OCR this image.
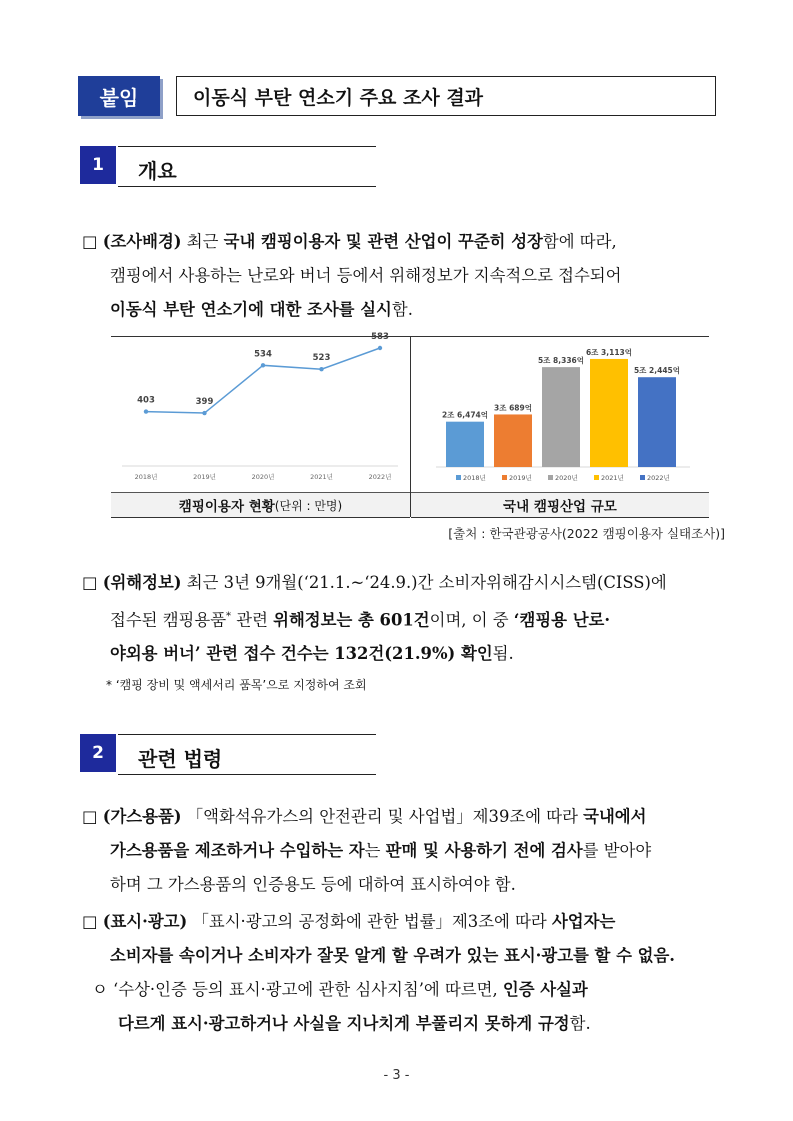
붙임	이동식 부탄 연소기 주요 조사 결과
1	개요
□ (조사배경) 최근 국내 캠핑이용자 및 관련 산업이 꾸준히 성장함에 따라,
캠핑에서 사용하는 난로와 버너 등에서 위해정보가 지속적으로 접수되어
이동식 부탄 연소기에 대한 조사를 실시함.
403
2018년
399
2019년
534
2020년
523
2021년
583
2022년
2조 6,474억
3조 689억
5조 8,336억
6조 3,113억
5조 2,445억
2018년	2019년	2020년	2021년	2022년
캠핑이용자 현황 (단위 : 만명)	국내 캠핑산업 규모
[출처 : 한국관광공사(2022 캠핑이용자 실태조사)]
□ (위해정보) 최근 3년 9개월(‘21.1.~‘24.9.)간 소비자위해감시시스템(CISS)에
접수된 캠핑용품* 관련 위해정보는 총 601건이며, 이 중 ‘캠핑용 난로·
야외용 버너’ 관련 접수 건수는 132건(21.9%) 확인됨.
* ‘캠핑 장비 및 액세서리 품목’으로 지정하여 조회
2	관련 법령
□ (가스용품) 「액화석유가스의 안전관리 및 사업법」제39조에 따라 국내에서
가스용품을 제조하거나 수입하는 자는 판매 및 사용하기 전에 검사를 받아야
하며 그 가스용품의 인증용도 등에 대하여 표시하여야 함.
□ (표시·광고) 「표시·광고의 공정화에 관한 법률」제3조에 따라 사업자는
소비자를 속이거나 소비자가 잘못 알게 할 우려가 있는 표시·광고를 할 수 없음.
ㅇ ‘수상·인증 등의 표시·광고에 관한 심사지침’에 따르면, 인증 사실과
다르게 표시·광고하거나 사실을 지나치게 부풀리지 못하게 규정함.
- 3 -
